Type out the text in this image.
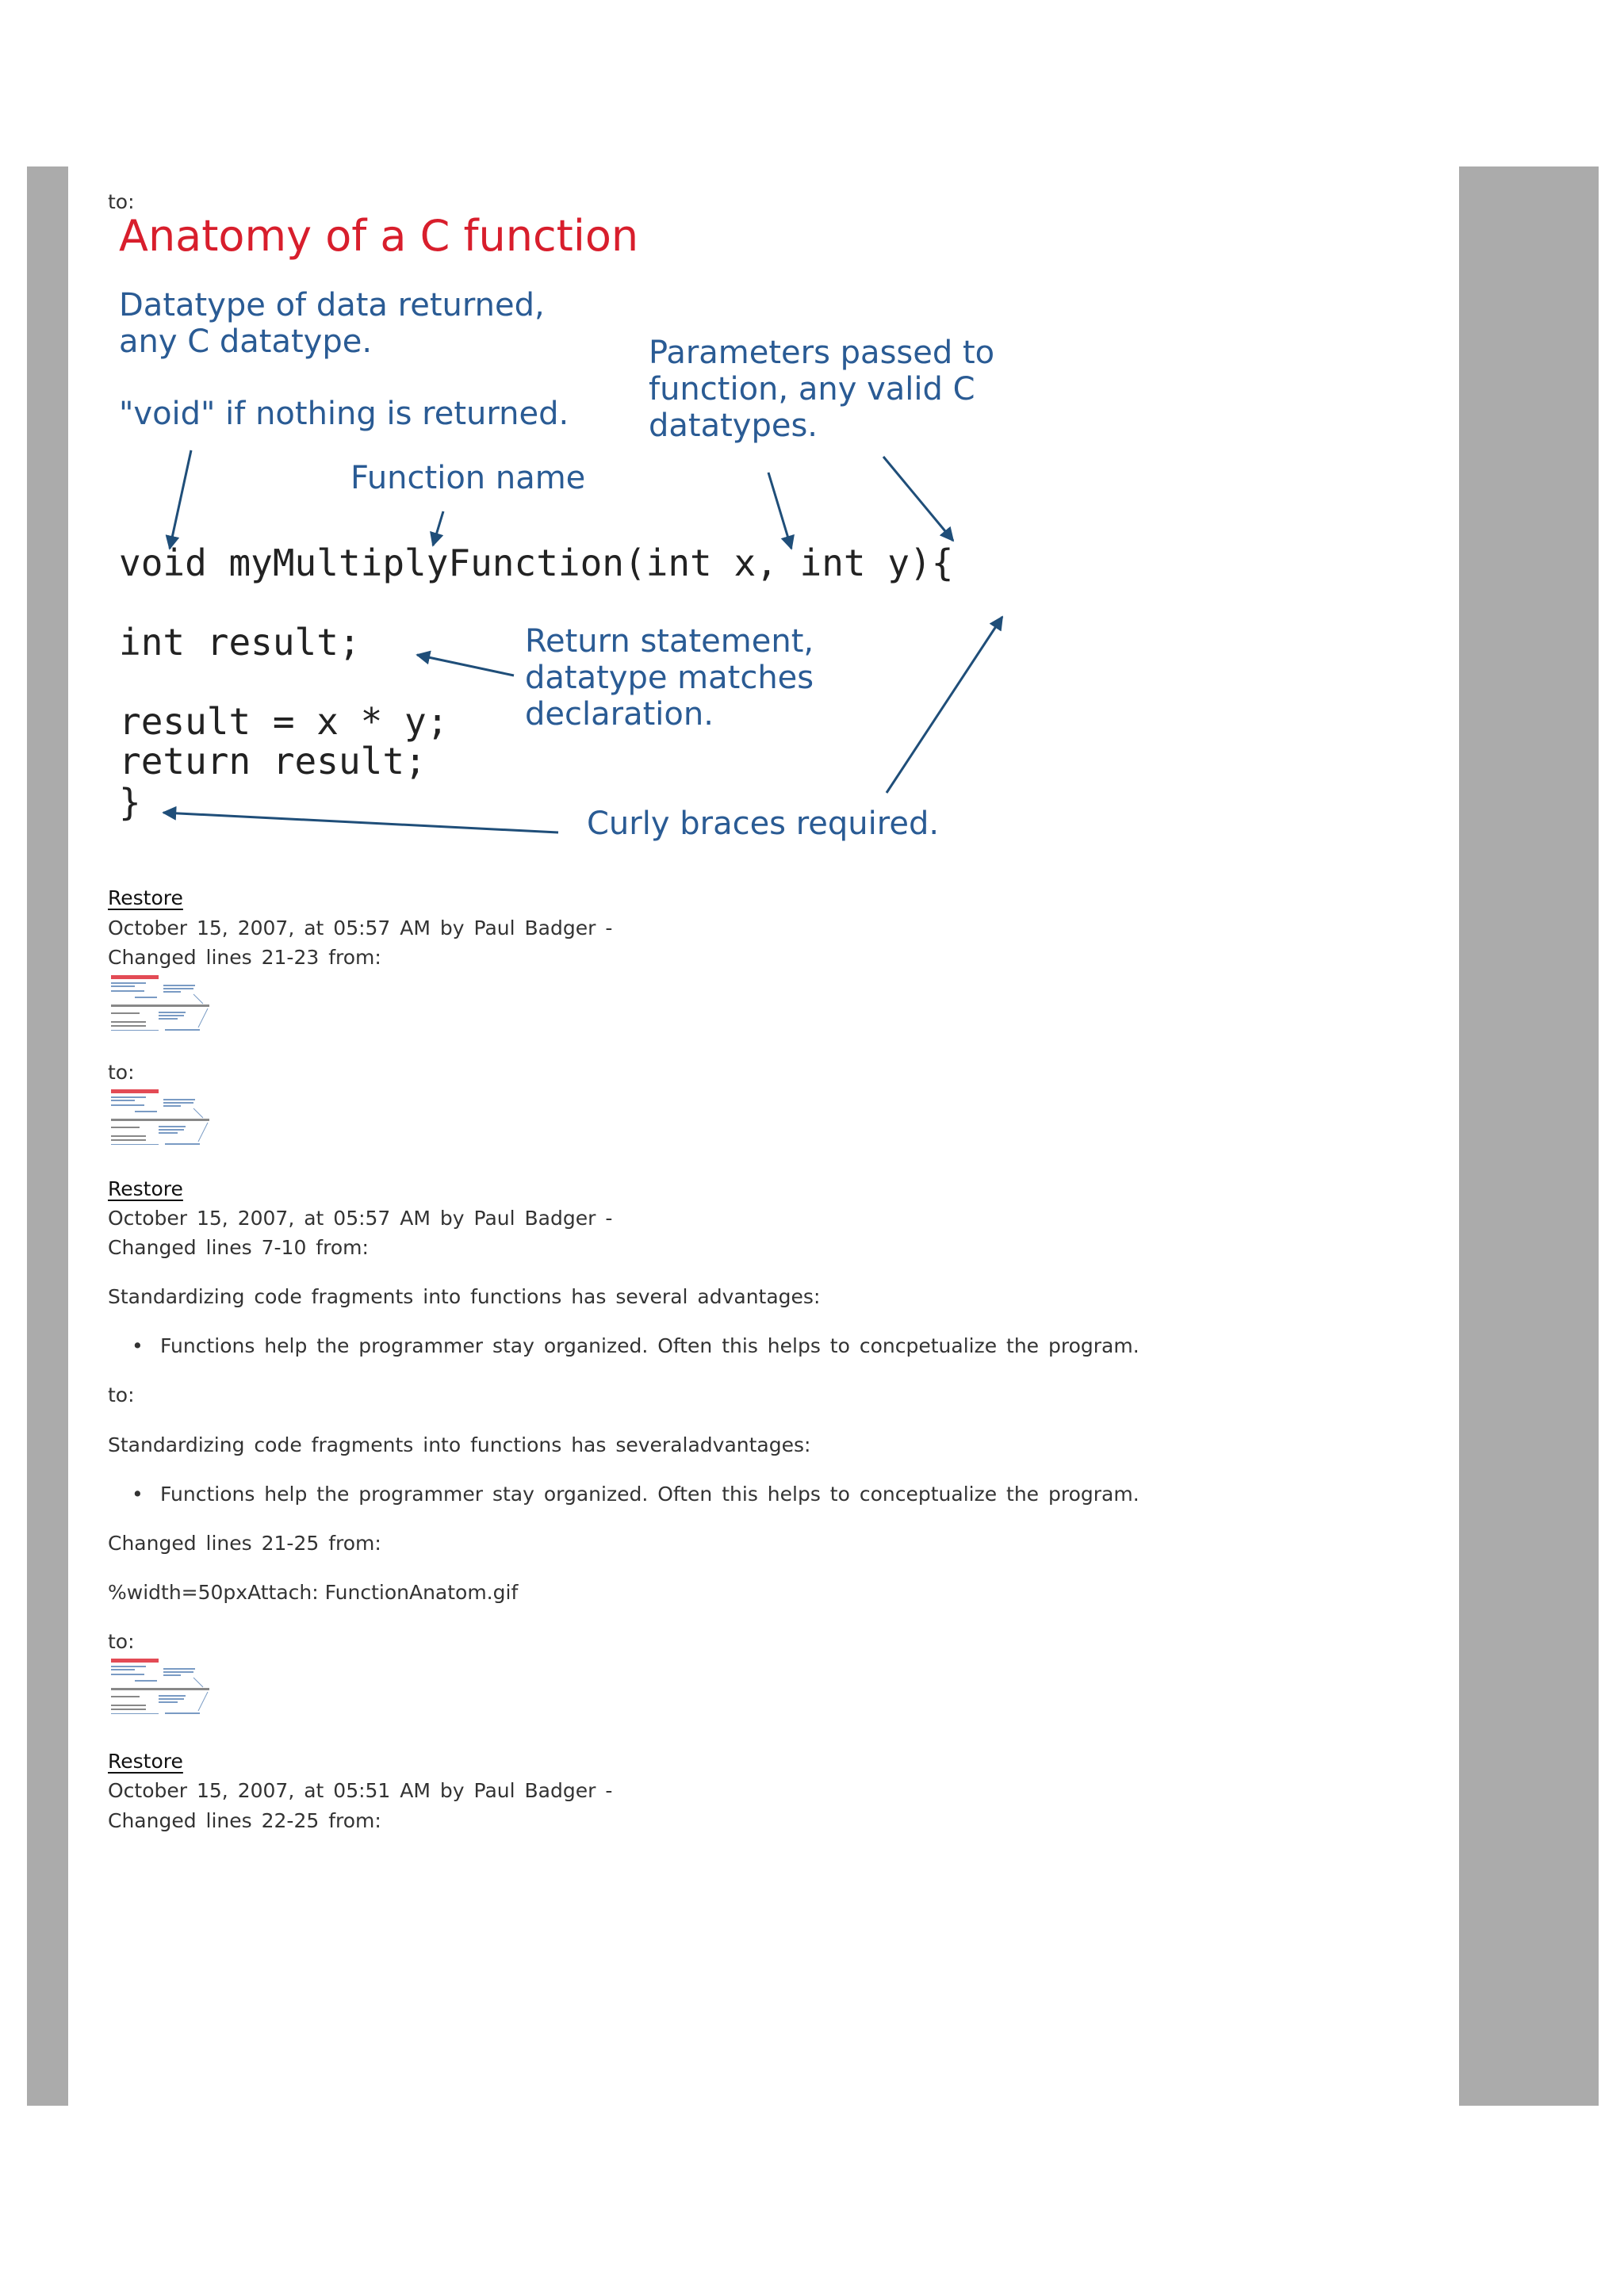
to:
Anatomy of a C function
Datatype of data returned,
any C datatype.
"void" if nothing is returned.
Parameters passed to
function, any valid C
datatypes.
Function name
Return statement,
datatype matches
declaration.
Curly braces required.
void myMultiplyFunction(int x, int y){
int result;
result = x * y;
return result;
}
Restore
October 15, 2007, at 05:57 AM by Paul Badger -
Changed lines 21-23 from:
to:
Restore
October 15, 2007, at 05:57 AM by Paul Badger -
Changed lines 7-10 from:
Standardizing code fragments into functions has several advantages:
• Functions help the programmer stay organized. Often this helps to concpetualize the program.
to:
Standardizing code fragments into functions has severaladvantages:
• Functions help the programmer stay organized. Often this helps to conceptualize the program.
Changed lines 21-25 from:
%width=50pxAttach: FunctionAnatom.gif
to:
Restore
October 15, 2007, at 05:51 AM by Paul Badger -
Changed lines 22-25 from:
